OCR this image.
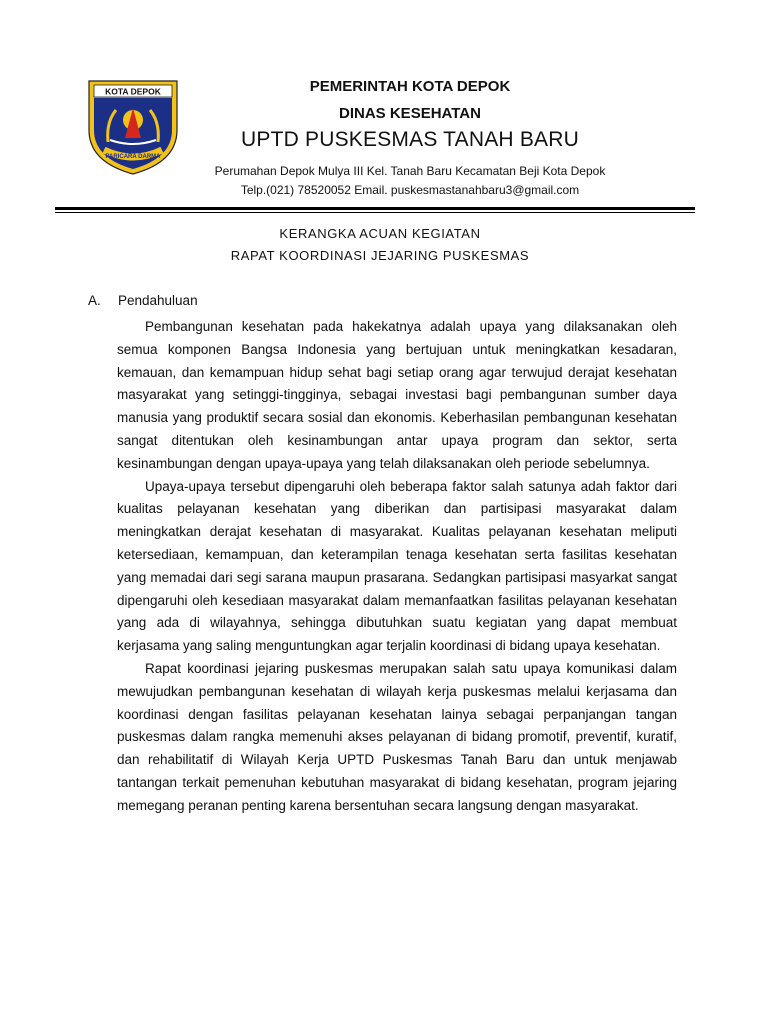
KOTA DEPOK
PARICARA DARMA
PEMERINTAH KOTA DEPOK
DINAS KESEHATAN
UPTD PUSKESMAS TANAH BARU
Perumahan Depok Mulya III Kel. Tanah Baru Kecamatan Beji Kota Depok
Telp.(021) 78520052 Email. puskesmastanahbaru3@gmail.com
KERANGKA ACUAN KEGIATAN
RAPAT KOORDINASI JEJARING PUSKESMAS
A. Pendahuluan

Pembangunan kesehatan pada hakekatnya adalah upaya yang dilaksanakan oleh semua komponen Bangsa Indonesia yang bertujuan untuk meningkatkan kesadaran, kemauan, dan kemampuan hidup sehat bagi setiap orang agar terwujud derajat kesehatan masyarakat yang setinggi-tingginya, sebagai investasi bagi pembangunan sumber daya manusia yang produktif secara sosial dan ekonomis. Keberhasilan pembangunan kesehatan sangat ditentukan oleh kesinambungan antar upaya program dan sektor, serta kesinambungan dengan upaya-upaya yang telah dilaksanakan oleh periode sebelumnya.

Upaya-upaya tersebut dipengaruhi oleh beberapa faktor salah satunya adah faktor dari kualitas pelayanan kesehatan yang diberikan dan partisipasi masyarakat dalam meningkatkan derajat kesehatan di masyarakat. Kualitas pelayanan kesehatan meliputi ketersediaan, kemampuan, dan keterampilan tenaga kesehatan serta fasilitas kesehatan yang memadai dari segi sarana maupun prasarana. Sedangkan partisipasi masyarkat sangat dipengaruhi oleh kesediaan masyarakat dalam memanfaatkan fasilitas pelayanan kesehatan yang ada di wilayahnya, sehingga dibutuhkan suatu kegiatan yang dapat membuat kerjasama yang saling menguntungkan agar terjalin koordinasi di bidang upaya kesehatan.

Rapat koordinasi jejaring puskesmas merupakan salah satu upaya komunikasi dalam mewujudkan pembangunan kesehatan di wilayah kerja puskesmas melalui kerjasama dan koordinasi dengan fasilitas pelayanan kesehatan lainya sebagai perpanjangan tangan puskesmas dalam rangka memenuhi akses pelayanan di bidang promotif, preventif, kuratif, dan rehabilitatif di Wilayah Kerja UPTD Puskesmas Tanah Baru dan untuk menjawab tantangan terkait pemenuhan kebutuhan masyarakat di bidang kesehatan, program jejaring memegang peranan penting karena bersentuhan secara langsung dengan masyarakat.
